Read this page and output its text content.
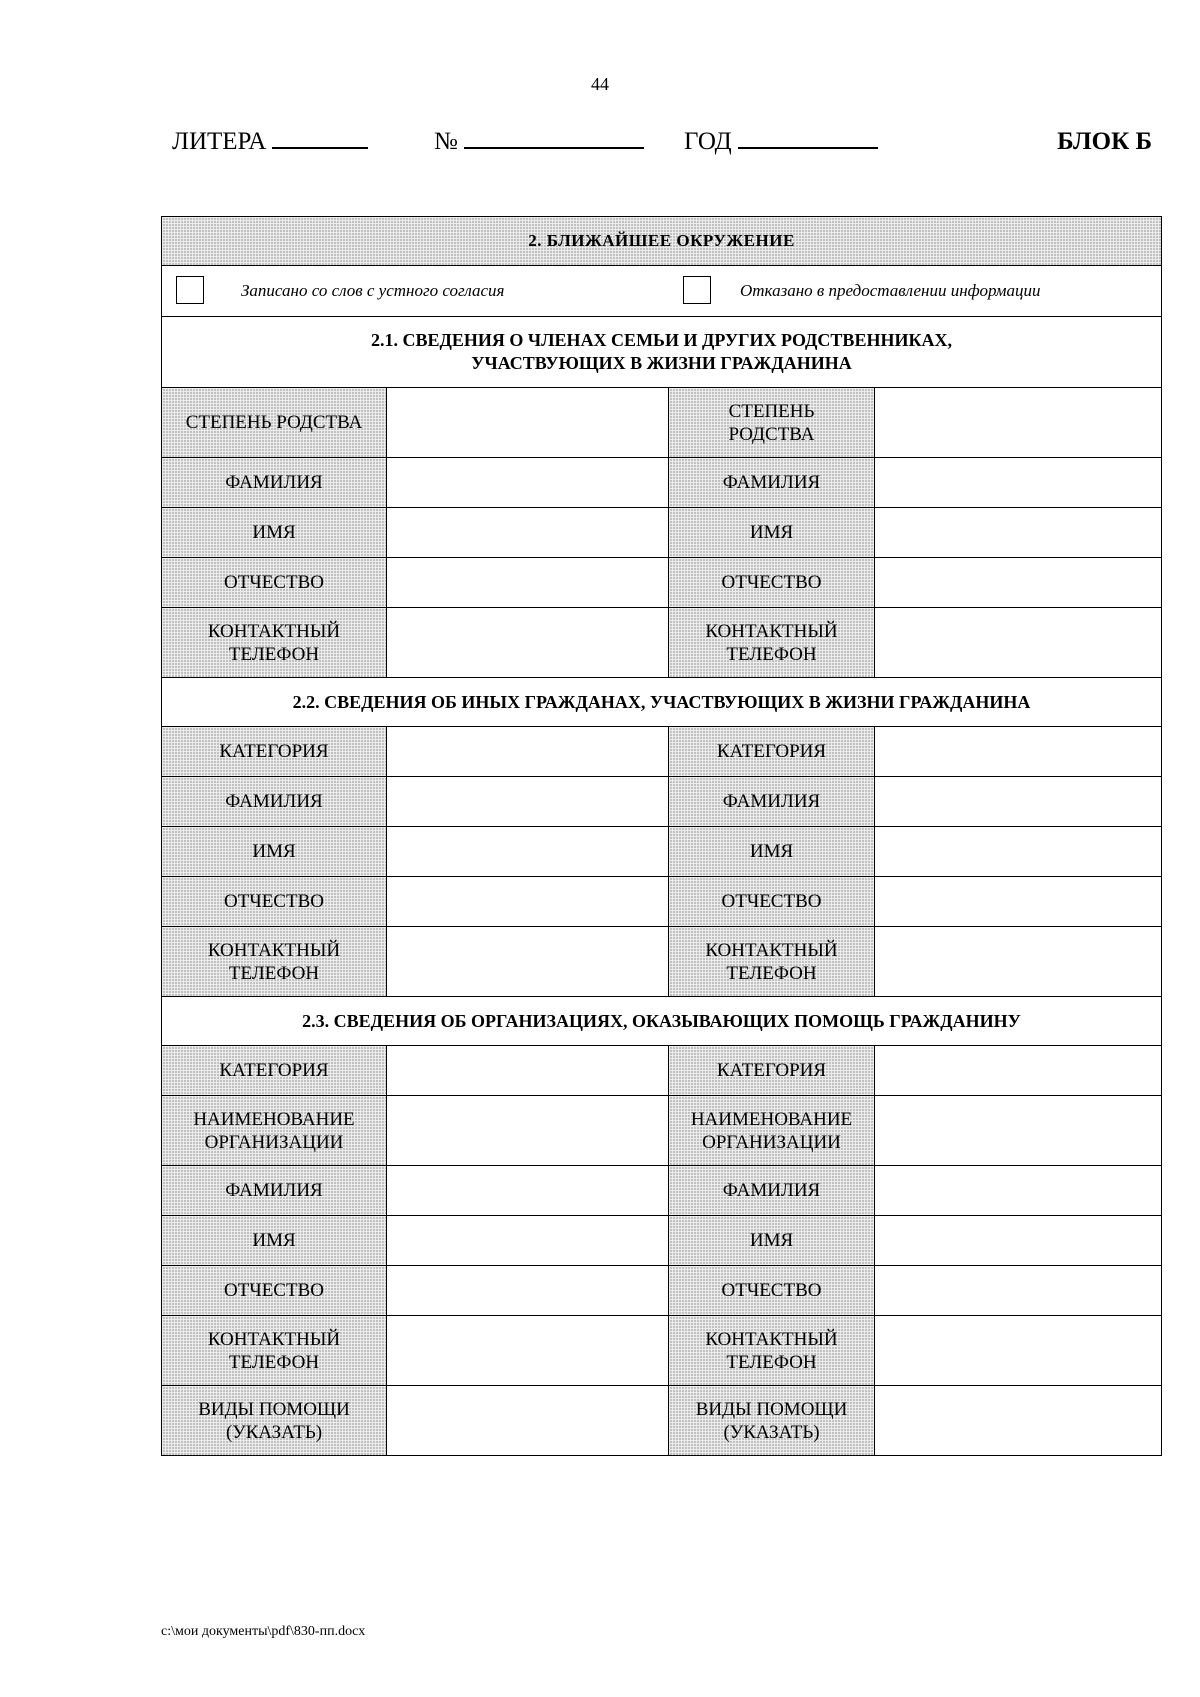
44
ЛИТЕРА	№	ГОД	БЛОК Б
2. БЛИЖАЙШЕЕ ОКРУЖЕНИЕ			

Записано со слов с устного согласия Отказано в предоставлении информации			

2.1. СВЕДЕНИЯ О ЧЛЕНАХ СЕМЬИ И ДРУГИХ РОДСТВЕННИКАХ, УЧАСТВУЮЩИХ В ЖИЗНИ ГРАЖДАНИНА			
СТЕПЕНЬ РОДСТВА		СТЕПЕНЬ РОДСТВА	
ФАМИЛИЯ		ФАМИЛИЯ	
ИМЯ		ИМЯ	
ОТЧЕСТВО		ОТЧЕСТВО	
КОНТАКТНЫЙ ТЕЛЕФОН		КОНТАКТНЫЙ ТЕЛЕФОН	
2.2. СВЕДЕНИЯ ОБ ИНЫХ ГРАЖДАНАХ, УЧАСТВУЮЩИХ В ЖИЗНИ ГРАЖДАНИНА			
КАТЕГОРИЯ		КАТЕГОРИЯ	
ФАМИЛИЯ		ФАМИЛИЯ	
ИМЯ		ИМЯ	
ОТЧЕСТВО		ОТЧЕСТВО	
КОНТАКТНЫЙ ТЕЛЕФОН		КОНТАКТНЫЙ ТЕЛЕФОН	
2.3. СВЕДЕНИЯ ОБ ОРГАНИЗАЦИЯХ, ОКАЗЫВАЮЩИХ ПОМОЩЬ ГРАЖДАНИНУ			
КАТЕГОРИЯ		КАТЕГОРИЯ	
НАИМЕНОВАНИЕ ОРГАНИЗАЦИИ		НАИМЕНОВАНИЕ ОРГАНИЗАЦИИ	
ФАМИЛИЯ		ФАМИЛИЯ	
ИМЯ		ИМЯ	
ОТЧЕСТВО		ОТЧЕСТВО	
КОНТАКТНЫЙ ТЕЛЕФОН		КОНТАКТНЫЙ ТЕЛЕФОН	
ВИДЫ ПОМОЩИ (УКАЗАТЬ)		ВИДЫ ПОМОЩИ (УКАЗАТЬ)	
c:\мои документы\pdf\830-пп.docx
